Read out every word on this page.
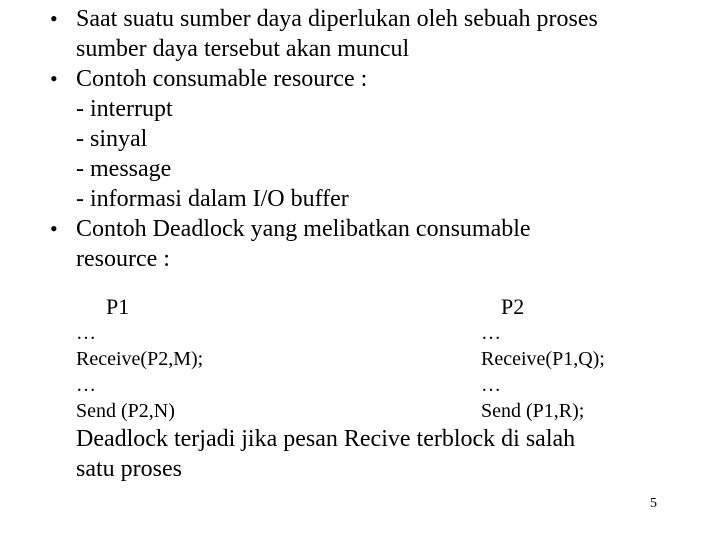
• Saat suatu sumber daya diperlukan oleh sebuah proses
sumber daya tersebut akan muncul
• Contoh consumable resource :
- interrupt
- sinyal
- message
- informasi dalam I/O buffer
• Contoh Deadlock yang melibatkan consumable
resource :
P1
…
Receive(P2,M);
…
Send (P2,N)
P2
…
Receive(P1,Q);
…
Send (P1,R);
Deadlock terjadi jika pesan Recive terblock di salah
satu proses
5
